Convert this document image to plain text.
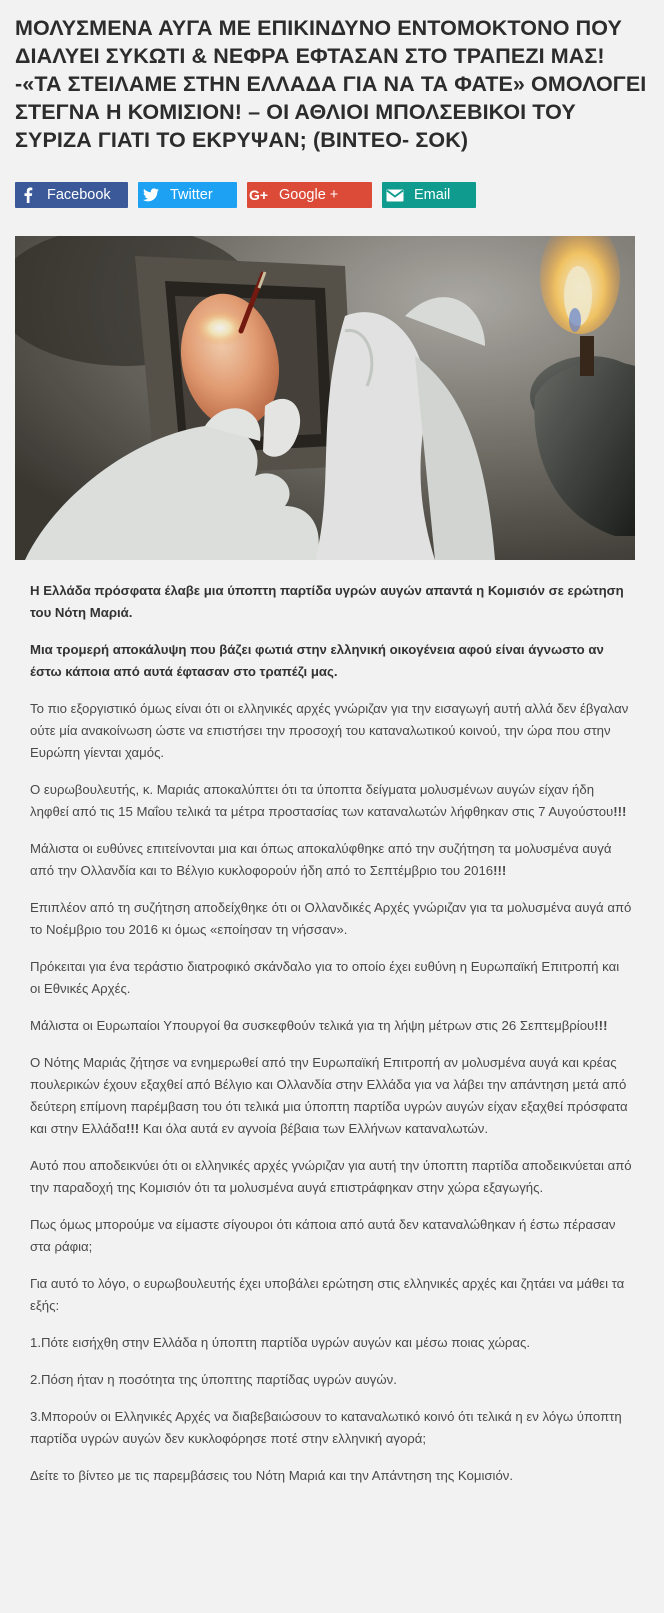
ΜΟΛΥΣΜΕΝΑ ΑΥΓΑ ΜΕ ΕΠΙΚΙΝΔΥΝΟ ΕΝΤΟΜΟΚΤΟΝΟ ΠΟΥ ΔΙΑΛΥΕΙ ΣΥΚΩΤΙ & ΝΕΦΡΑ ΕΦΤΑΣΑΝ ΣΤΟ ΤΡΑΠΕΖΙ ΜΑΣ! -«ΤΑ ΣΤΕΙΛΑΜΕ ΣΤΗΝ ΕΛΛΑΔΑ ΓΙΑ ΝΑ ΤΑ ΦΑΤΕ» ΟΜΟΛΟΓΕΙ ΣΤΕΓΝΑ Η ΚΟΜΙΣΙΟΝ! – ΟΙ ΑΘΛΙΟΙ ΜΠΟΛΣΕΒΙΚΟΙ ΤΟΥ ΣΥΡΙΖΑ ΓΙΑΤΙ ΤΟ ΕΚΡΥΨΑΝ; (ΒΙΝΤΕΟ- ΣΟΚ)
Facebook	Twitter	G+ Google +	Email

Η Ελλάδα πρόσφατα έλαβε μια ύποπτη παρτίδα υγρών αυγών απαντά η Κομισιόν σε ερώτηση του Νότη Μαριά.

Μια τρομερή αποκάλυψη που βάζει φωτιά στην ελληνική οικογένεια αφού είναι άγνωστο αν έστω κάποια από αυτά έφτασαν στο τραπέζι μας.

Το πιο εξοργιστικό όμως είναι ότι οι ελληνικές αρχές γνώριζαν για την εισαγωγή αυτή αλλά δεν έβγαλαν ούτε μία ανακοίνωση ώστε να επιστήσει την προσοχή του καταναλωτικού κοινού, την ώρα που στην Ευρώπη γίενται χαμός.

Ο ευρωβουλευτής, κ. Μαριάς αποκαλύπτει ότι τα ύποπτα δείγματα μολυσμένων αυγών είχαν ήδη ληφθεί από τις 15 Μαΐου τελικά τα μέτρα προστασίας των καταναλωτών λήφθηκαν στις 7 Αυγούστου!!!

Μάλιστα οι ευθύνες επιτείνονται μια και όπως αποκαλύφθηκε από την συζήτηση τα μολυσμένα αυγά από την Ολλανδία και το Βέλγιο κυκλοφορούν ήδη από το Σεπτέμβριο του 2016!!!

Επιπλέον από τη συζήτηση αποδείχθηκε ότι οι Ολλανδικές Αρχές γνώριζαν για τα μολυσμένα αυγά από το Νοέμβριο του 2016 κι όμως «εποίησαν τη νήσσαν».

Πρόκειται για ένα τεράστιο διατροφικό σκάνδαλο για το οποίο έχει ευθύνη η Ευρωπαϊκή Επιτροπή και οι Εθνικές Αρχές.

Μάλιστα οι Ευρωπαίοι Υπουργοί θα συσκεφθούν τελικά για τη λήψη μέτρων στις 26 Σεπτεμβρίου!!!

Ο Νότης Μαριάς ζήτησε να ενημερωθεί από την Ευρωπαϊκή Επιτροπή αν μολυσμένα αυγά και κρέας πουλερικών έχουν εξαχθεί από Βέλγιο και Ολλανδία στην Ελλάδα για να λάβει την απάντηση μετά από δεύτερη επίμονη παρέμβαση του ότι τελικά μια ύποπτη παρτίδα υγρών αυγών είχαν εξαχθεί πρόσφατα και στην Ελλάδα!!! Και όλα αυτά εν αγνοία βέβαια των Ελλήνων καταναλωτών.

Αυτό που αποδεικνύει ότι οι ελληνικές αρχές γνώριζαν για αυτή την ύποπτη παρτίδα αποδεικνύεται από την παραδοχή της Κομισιόν ότι τα μολυσμένα αυγά επιστράφηκαν στην χώρα εξαγωγής.

Πως όμως μπορούμε να είμαστε σίγουροι ότι κάποια από αυτά δεν καταναλώθηκαν ή έστω πέρασαν στα ράφια;

Για αυτό το λόγο, ο ευρωβουλευτής έχει υποβάλει ερώτηση στις ελληνικές αρχές και ζητάει να μάθει τα εξής:

1.Πότε εισήχθη στην Ελλάδα η ύποπτη παρτίδα υγρών αυγών και μέσω ποιας χώρας.

2.Πόση ήταν η ποσότητα της ύποπτης παρτίδας υγρών αυγών.

3.Μπορούν οι Ελληνικές Αρχές να διαβεβαιώσουν το καταναλωτικό κοινό ότι τελικά η εν λόγω ύποπτη παρτίδα υγρών αυγών δεν κυκλοφόρησε ποτέ στην ελληνική αγορά;

Δείτε το βίντεο με τις παρεμβάσεις του Νότη Μαριά και την Απάντηση της Κομισιόν.
